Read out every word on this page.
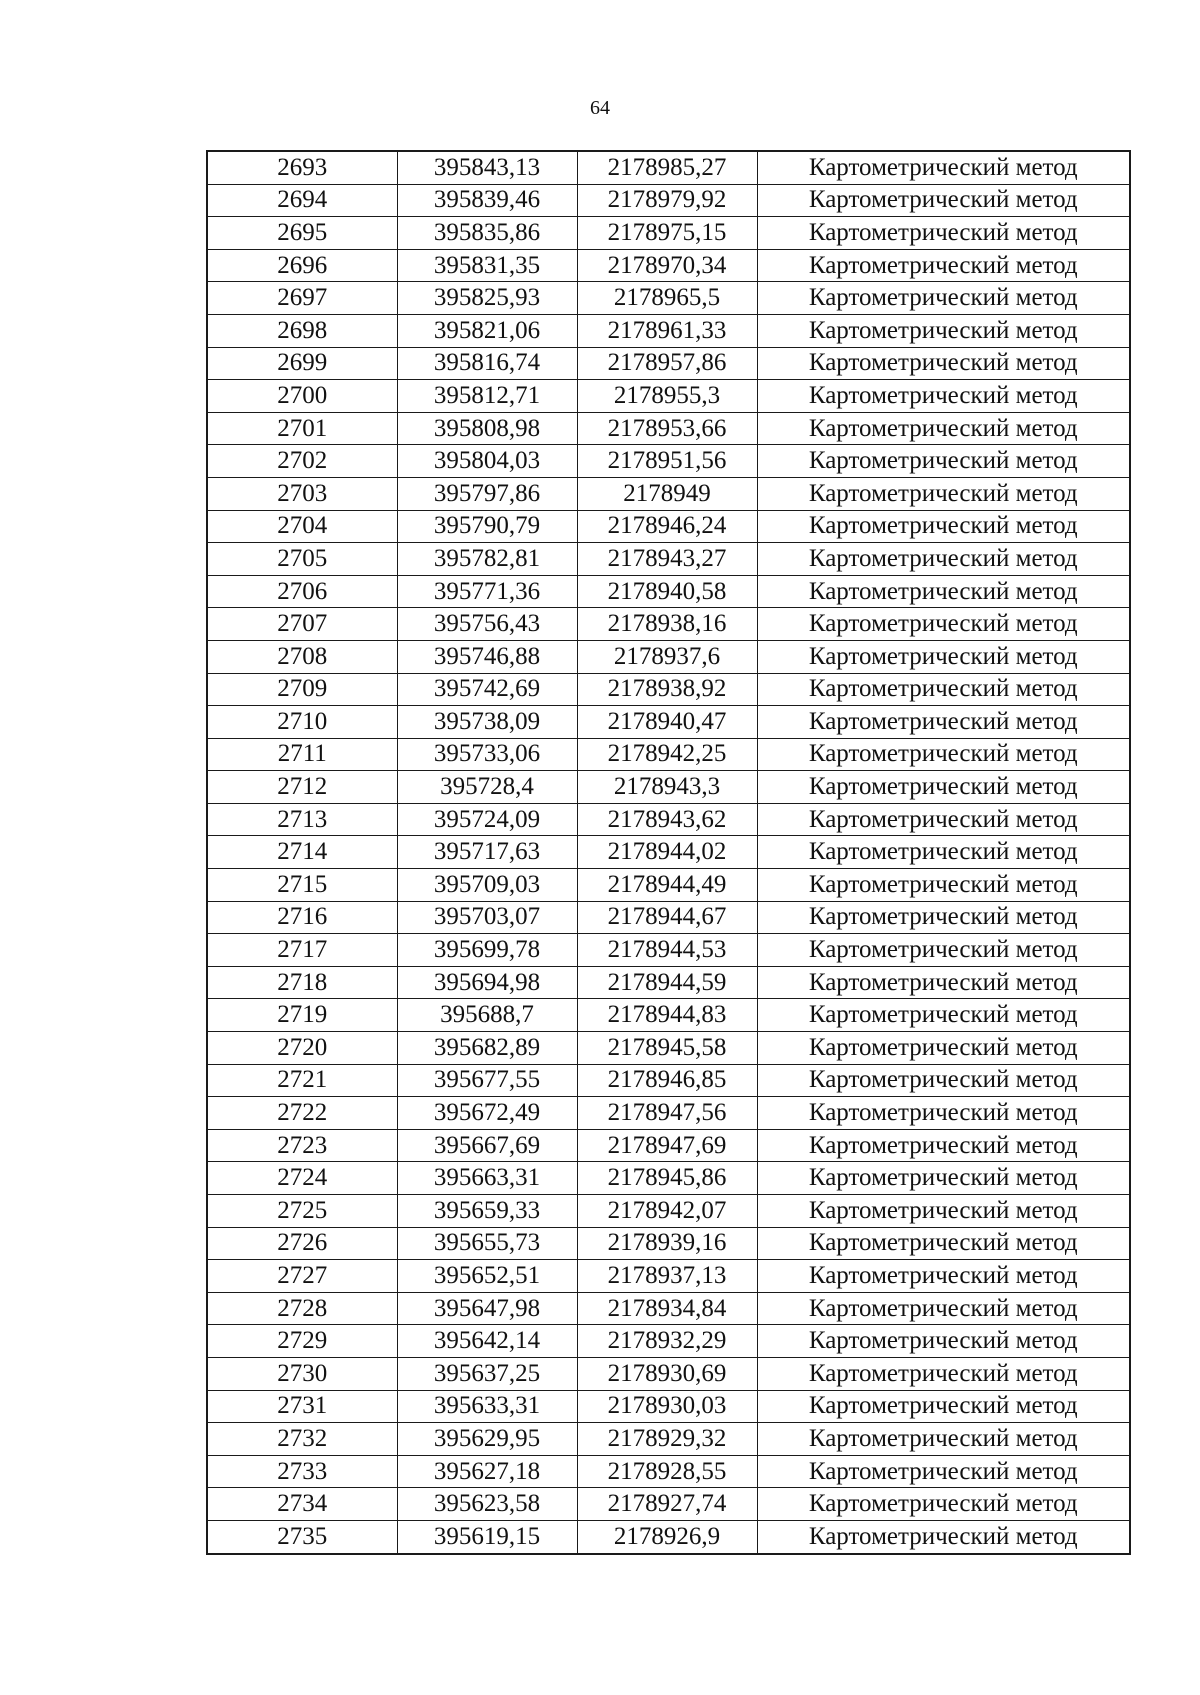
64
2693	395843,13	2178985,27	Картометрический метод
2694	395839,46	2178979,92	Картометрический метод
2695	395835,86	2178975,15	Картометрический метод
2696	395831,35	2178970,34	Картометрический метод
2697	395825,93	2178965,5	Картометрический метод
2698	395821,06	2178961,33	Картометрический метод
2699	395816,74	2178957,86	Картометрический метод
2700	395812,71	2178955,3	Картометрический метод
2701	395808,98	2178953,66	Картометрический метод
2702	395804,03	2178951,56	Картометрический метод
2703	395797,86	2178949	Картометрический метод
2704	395790,79	2178946,24	Картометрический метод
2705	395782,81	2178943,27	Картометрический метод
2706	395771,36	2178940,58	Картометрический метод
2707	395756,43	2178938,16	Картометрический метод
2708	395746,88	2178937,6	Картометрический метод
2709	395742,69	2178938,92	Картометрический метод
2710	395738,09	2178940,47	Картометрический метод
2711	395733,06	2178942,25	Картометрический метод
2712	395728,4	2178943,3	Картометрический метод
2713	395724,09	2178943,62	Картометрический метод
2714	395717,63	2178944,02	Картометрический метод
2715	395709,03	2178944,49	Картометрический метод
2716	395703,07	2178944,67	Картометрический метод
2717	395699,78	2178944,53	Картометрический метод
2718	395694,98	2178944,59	Картометрический метод
2719	395688,7	2178944,83	Картометрический метод
2720	395682,89	2178945,58	Картометрический метод
2721	395677,55	2178946,85	Картометрический метод
2722	395672,49	2178947,56	Картометрический метод
2723	395667,69	2178947,69	Картометрический метод
2724	395663,31	2178945,86	Картометрический метод
2725	395659,33	2178942,07	Картометрический метод
2726	395655,73	2178939,16	Картометрический метод
2727	395652,51	2178937,13	Картометрический метод
2728	395647,98	2178934,84	Картометрический метод
2729	395642,14	2178932,29	Картометрический метод
2730	395637,25	2178930,69	Картометрический метод
2731	395633,31	2178930,03	Картометрический метод
2732	395629,95	2178929,32	Картометрический метод
2733	395627,18	2178928,55	Картометрический метод
2734	395623,58	2178927,74	Картометрический метод
2735	395619,15	2178926,9	Картометрический метод
